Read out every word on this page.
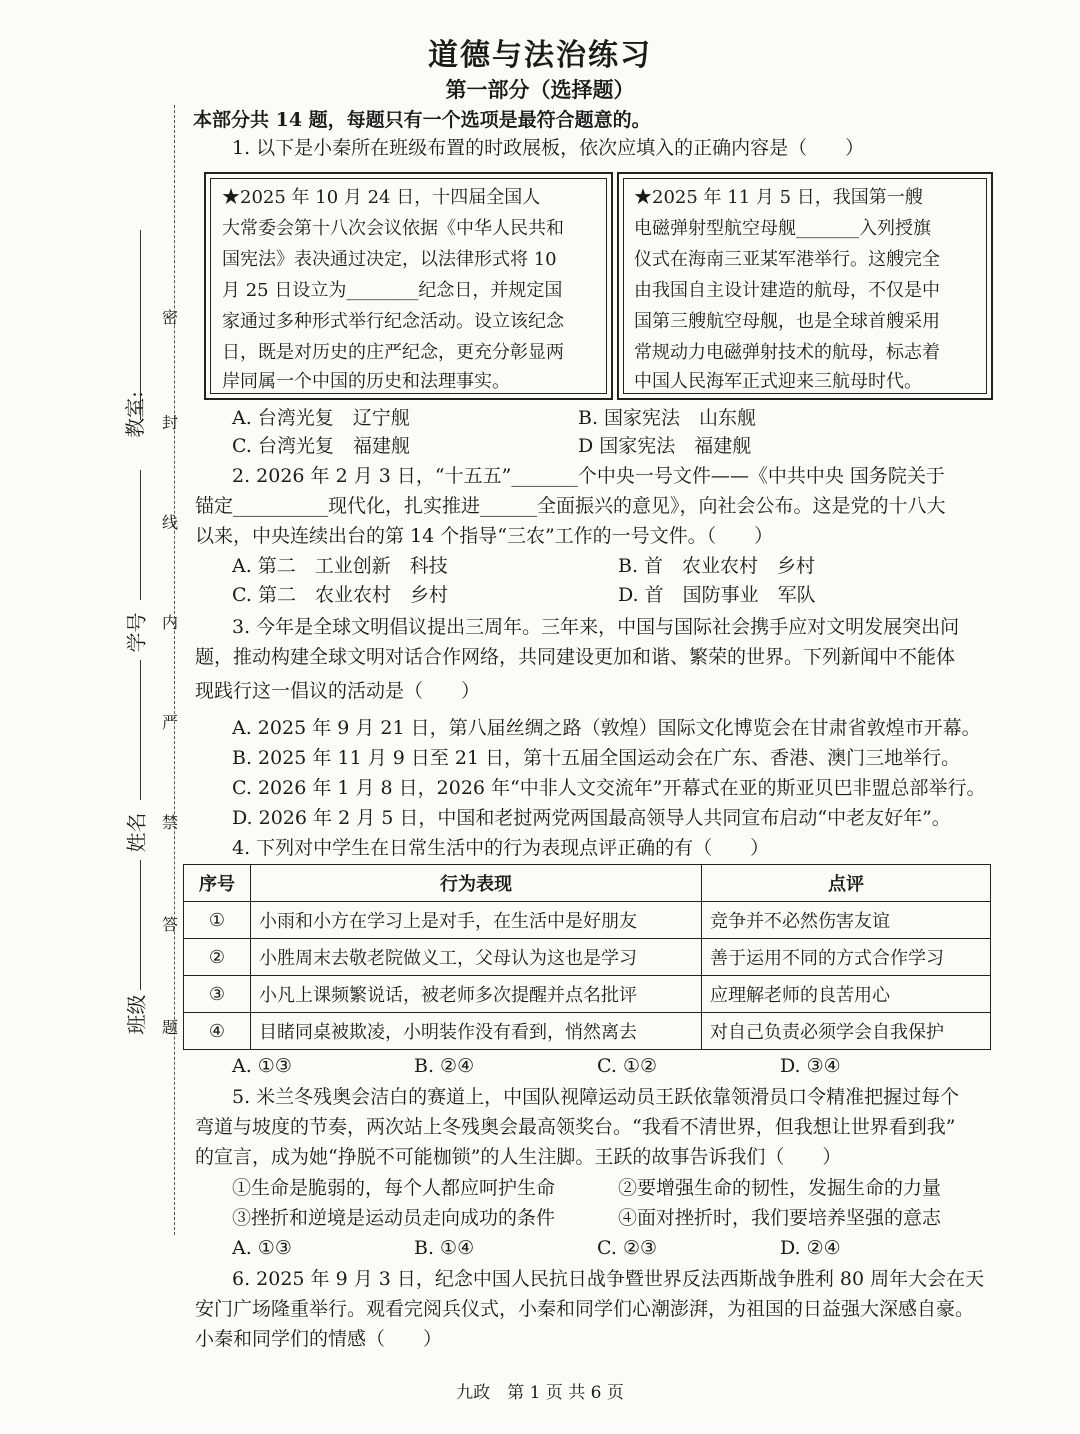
道德与法治练习
第一部分（选择题）
教室:
学号
姓名
班级
密
封
线
内
严
禁
答
题
本部分共 14 题，每题只有一个选项是最符合题意的。
1. 以下是小秦所在班级布置的时政展板，依次应填入的正确内容是（　　）
★2025 年 10 月 24 日，十四届全国人
大常委会第十八次会议依据《中华人民共和
国宪法》表决通过决定，以法律形式将 10
月 25 日设立为________纪念日，并规定国
家通过多种形式举行纪念活动。设立该纪念
日，既是对历史的庄严纪念，更充分彰显两
岸同属一个中国的历史和法理事实。
★2025 年 11 月 5 日，我国第一艘
电磁弹射型航空母舰_______入列授旗
仪式在海南三亚某军港举行。这艘完全
由我国自主设计建造的航母，不仅是中
国第三艘航空母舰，也是全球首艘采用
常规动力电磁弹射技术的航母，标志着
中国人民海军正式迎来三航母时代。
A. 台湾光复　辽宁舰	B. 国家宪法　山东舰
C. 台湾光复　福建舰	D 国家宪法　福建舰
2. 2026 年 2 月 3 日，“十五五”_______个中央一号文件——《中共中央 国务院关于
锚定__________现代化，扎实推进______全面振兴的意见》，向社会公布。这是党的十八大
以来，中央连续出台的第 14 个指导“三农”工作的一号文件。（　　）
A. 第二　工业创新　科技	B. 首　农业农村　乡村
C. 第二　农业农村　乡村	D. 首　国防事业　军队
3. 今年是全球文明倡议提出三周年。三年来，中国与国际社会携手应对文明发展突出问
题，推动构建全球文明对话合作网络，共同建设更加和谐、繁荣的世界。下列新闻中不能体
现践行这一倡议的活动是（　　）
A. 2025 年 9 月 21 日，第八届丝绸之路（敦煌）国际文化博览会在甘肃省敦煌市开幕。
B. 2025 年 11 月 9 日至 21 日，第十五届全国运动会在广东、香港、澳门三地举行。
C. 2026 年 1 月 8 日，2026 年“中非人文交流年”开幕式在亚的斯亚贝巴非盟总部举行。
D. 2026 年 2 月 5 日，中国和老挝两党两国最高领导人共同宣布启动“中老友好年”。
4. 下列对中学生在日常生活中的行为表现点评正确的有（　　）
序号	行为表现	点评
①	小雨和小方在学习上是对手，在生活中是好朋友	竞争并不必然伤害友谊
②	小胜周末去敬老院做义工，父母认为这也是学习	善于运用不同的方式合作学习
③	小凡上课频繁说话，被老师多次提醒并点名批评	应理解老师的良苦用心
④	目睹同桌被欺凌，小明装作没有看到，悄然离去	对自己负责必须学会自我保护
A. ①③	B. ②④	C. ①②	D. ③④
5. 米兰冬残奥会洁白的赛道上，中国队视障运动员王跃依靠领滑员口令精准把握过每个
弯道与坡度的节奏，两次站上冬残奥会最高领奖台。“我看不清世界，但我想让世界看到我”
的宣言，成为她“挣脱不可能枷锁”的人生注脚。王跃的故事告诉我们（　　）
①生命是脆弱的，每个人都应呵护生命	②要增强生命的韧性，发掘生命的力量
③挫折和逆境是运动员走向成功的条件	④面对挫折时，我们要培养坚强的意志
A. ①③	B. ①④	C. ②③	D. ②④
6. 2025 年 9 月 3 日，纪念中国人民抗日战争暨世界反法西斯战争胜利 80 周年大会在天
安门广场隆重举行。观看完阅兵仪式，小秦和同学们心潮澎湃，为祖国的日益强大深感自豪。
小秦和同学们的情感（　　）
九政　第 1 页 共 6 页
